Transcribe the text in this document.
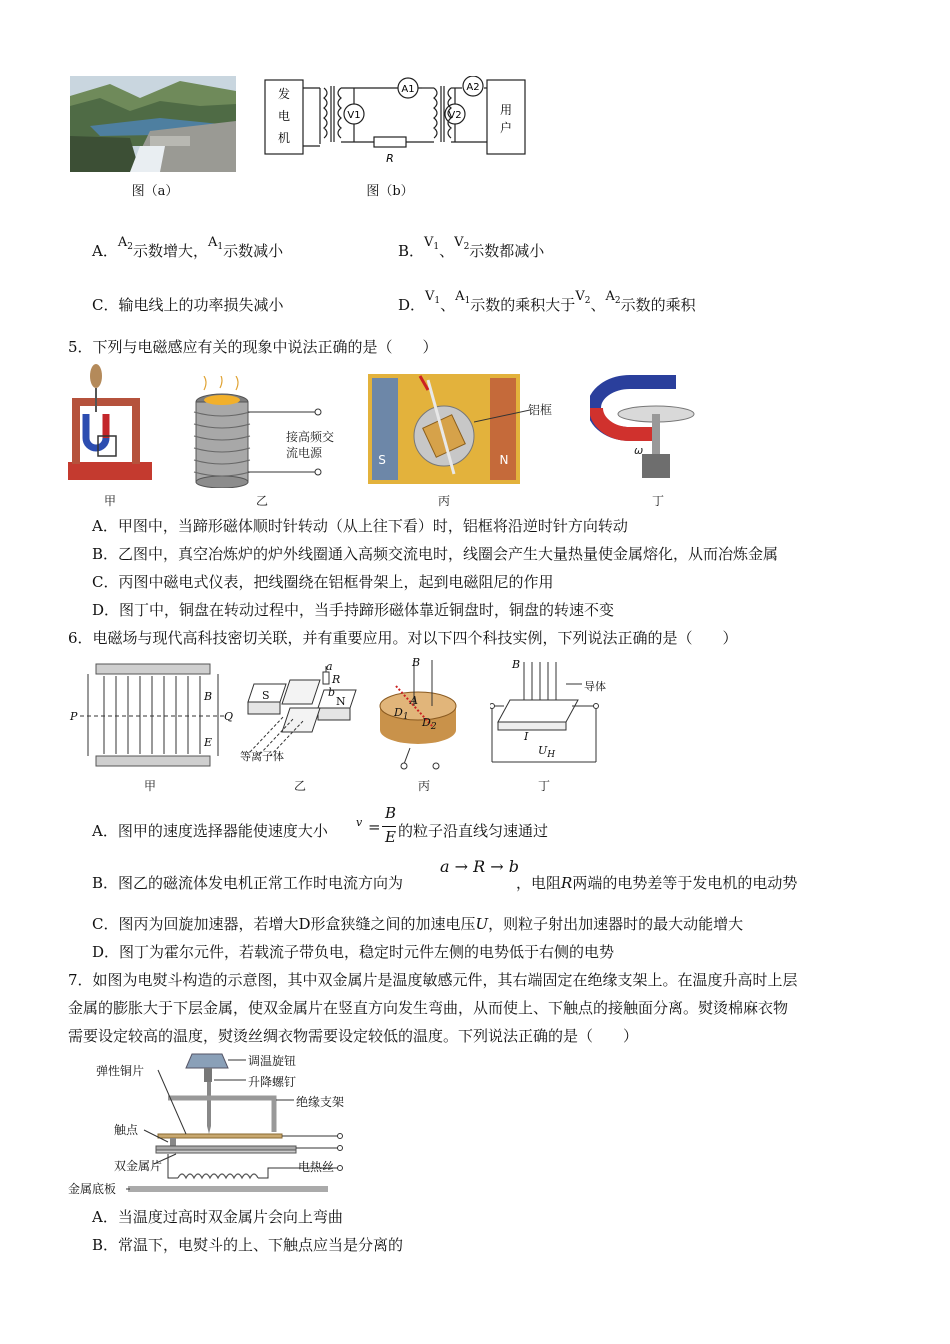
图（a）
发
电
机
用
户
V1
A1
V2
A2
R
图（b）
A．$A_2$示数增大，$A_1$示数减小	B．$V_1$、$V_2$示数都减小
C．输电线上的功率损失减小	D．$V_1$、$A_1$示数的乘积大于$V_2$、$A_2$示数的乘积
5．下列与电磁感应有关的现象中说法正确的是（　　）
接高频交
流电源	S	N
铝框
ω
甲	乙	丙	丁
A．甲图中，当蹄形磁体顺时针转动（从上往下看）时，铝框将沿逆时针方向转动
B．乙图中，真空冶炼炉的炉外线圈通入高频交流电时，线圈会产生大量热量使金属熔化，从而冶炼金属
C．丙图中磁电式仪表，把线圈绕在铝框骨架上，起到电磁阻尼的作用
D．图丁中，铜盘在转动过程中，当手持蹄形磁体靠近铜盘时，铜盘的转速不变
6．电磁场与现代高科技密切关联，并有重要应用。对以下四个科技实例，下列说法正确的是（　　）
P	Q
B
E
S	N
a
R
b
等离子体
B
A
$D_1$ $D_2$
B
导体
I
$U_H$
甲	乙	丙	丁
A．图甲的速度选择器能使速度大小	v =
B
E 的粒子沿直线匀速通过
B．图乙的磁流体发电机正常工作时电流方向为
a → R → b
，电阻R两端的电势差等于发电机的电动势
C．图丙为回旋加速器，若增大D形盒狭缝之间的加速电压U，则粒子射出加速器时的最大动能增大
D．图丁为霍尔元件，若载流子带负电，稳定时元件左侧的电势低于右侧的电势
7．如图为电熨斗构造的示意图，其中双金属片是温度敏感元件，其右端固定在绝缘支架上。在温度升高时上层
金属的膨胀大于下层金属，使双金属片在竖直方向发生弯曲，从而使上、下触点的接触面分离。熨烫棉麻衣物
需要设定较高的温度，熨烫丝绸衣物需要设定较低的温度。下列说法正确的是（　　）
调温旋钮
升降螺钉
绝缘支架
弹性铜片
触点
双金属片	电热丝
金属底板
A．当温度过高时双金属片会向上弯曲
B．常温下，电熨斗的上、下触点应当是分离的
